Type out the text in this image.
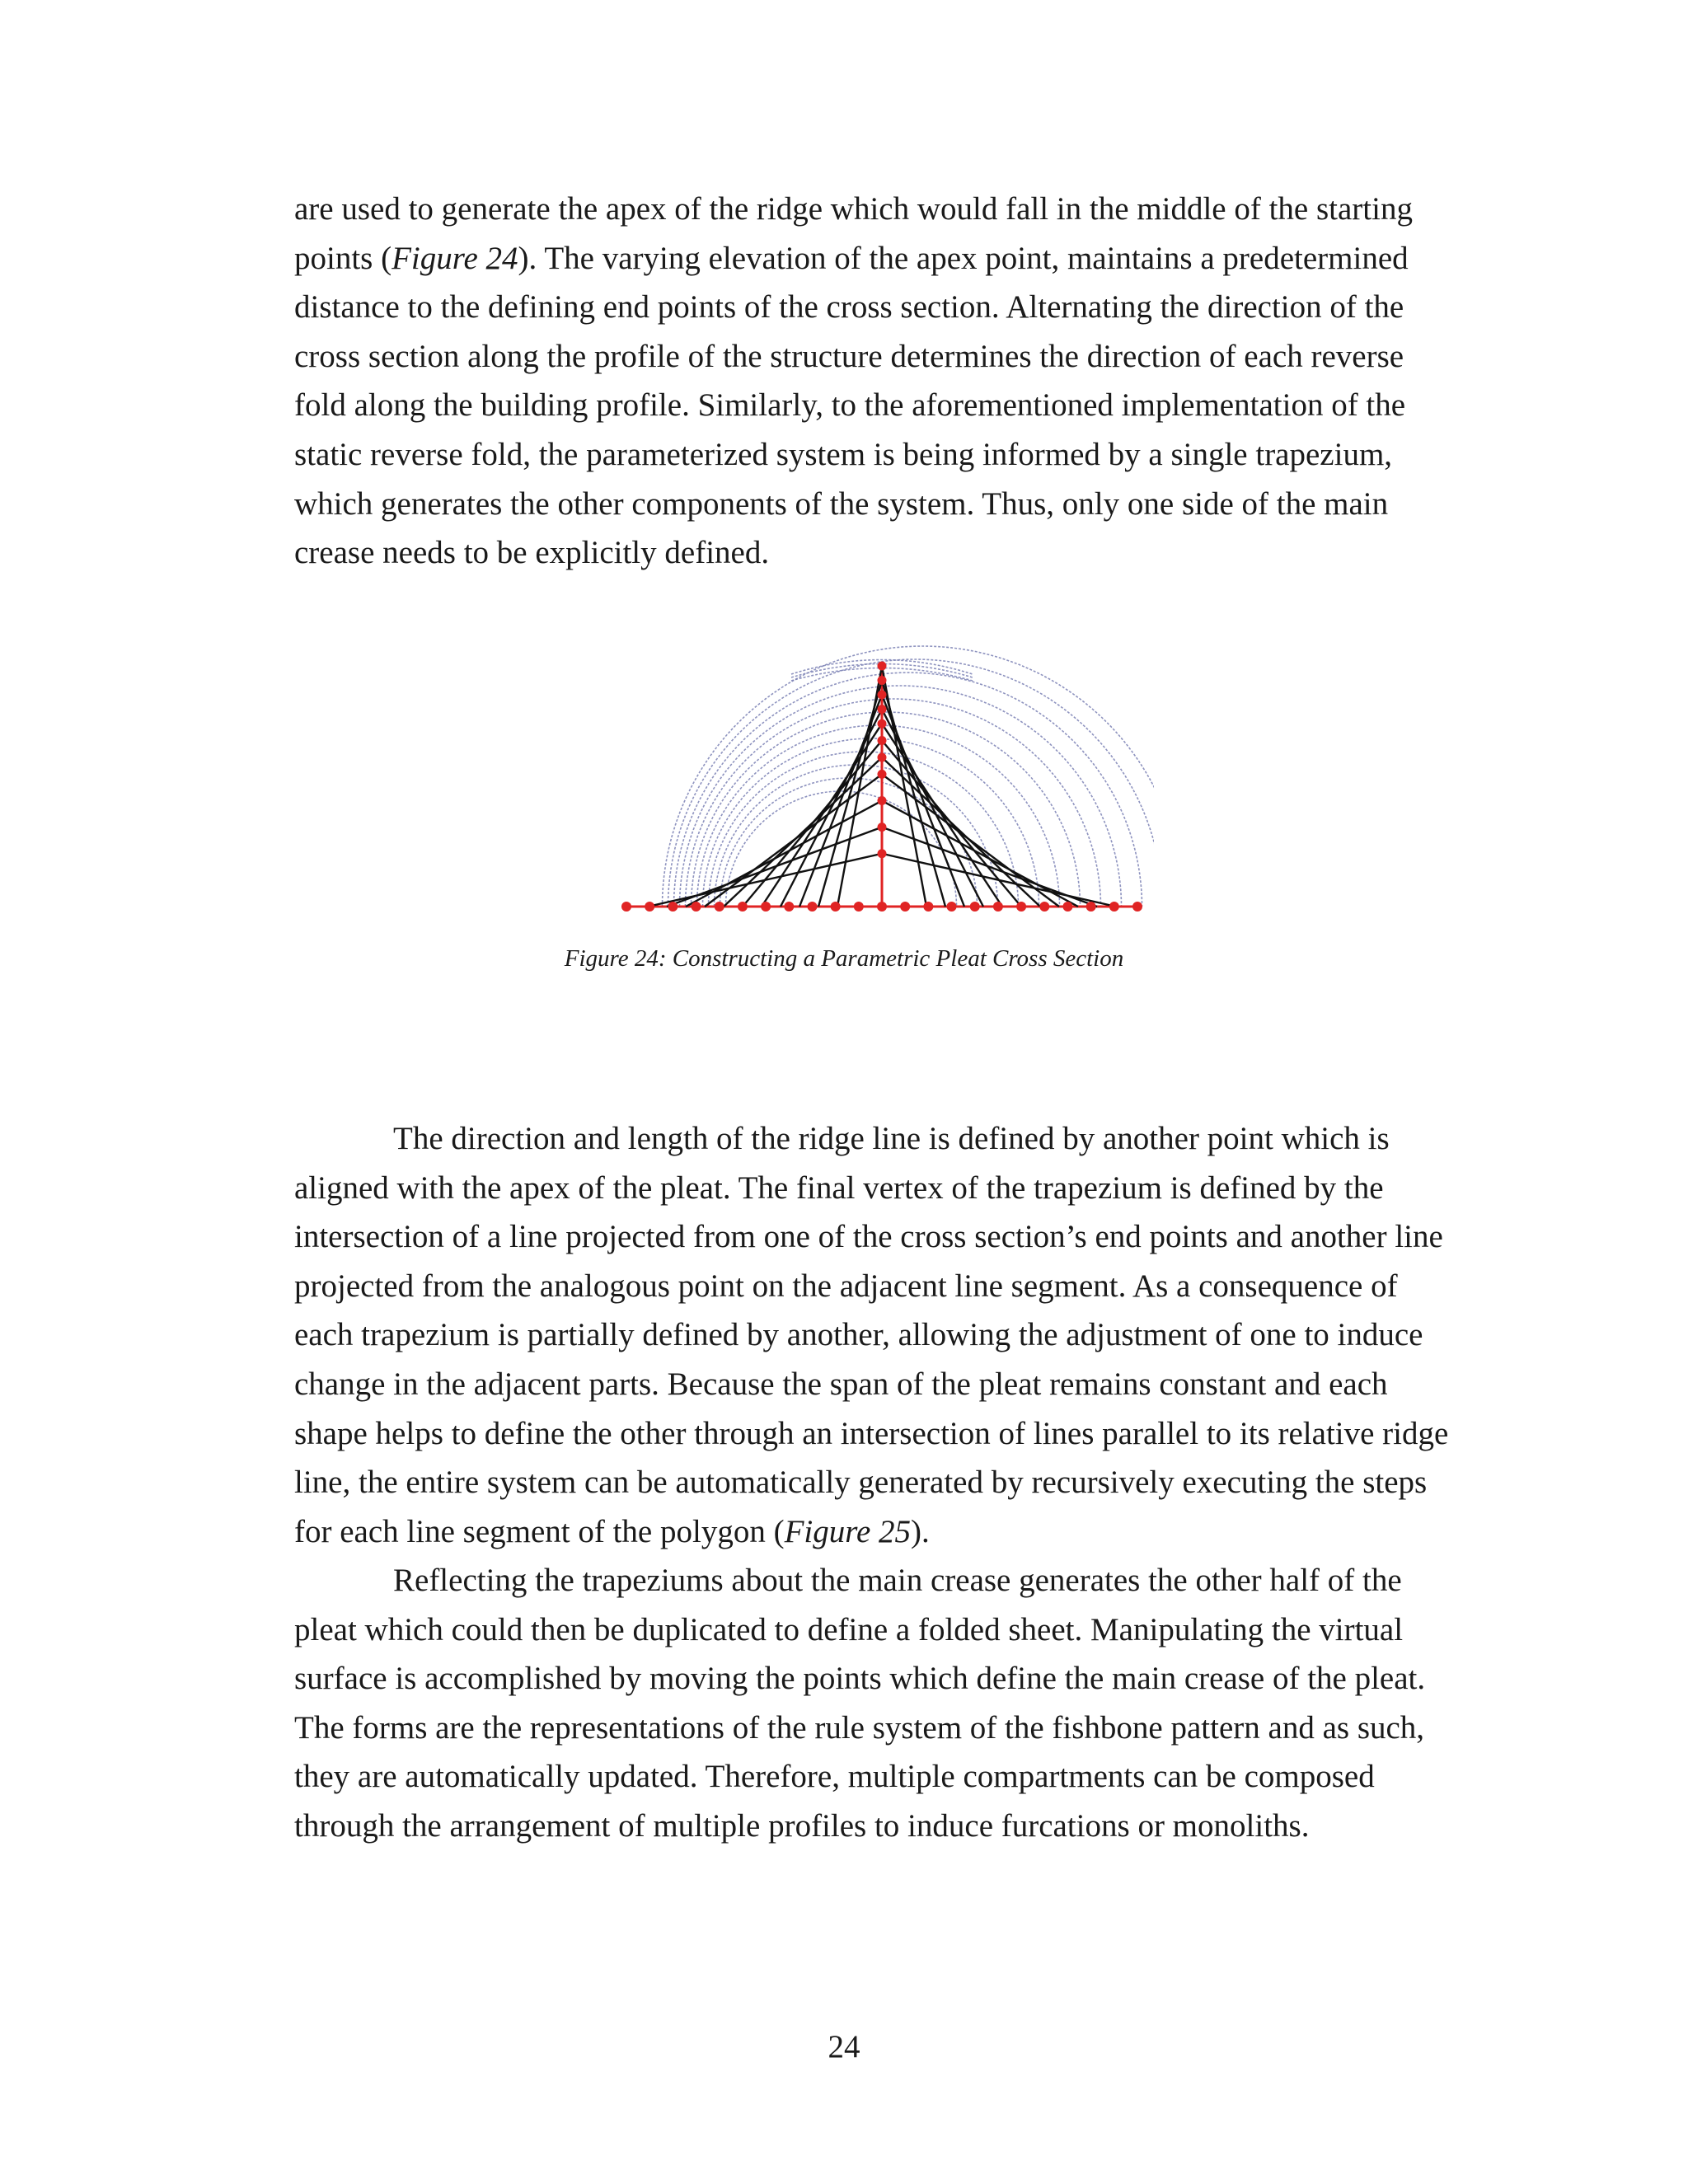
are used to generate the apex of the ridge which would fall in the middle of the starting
points (Figure 24). The varying elevation of the apex point, maintains a predetermined
distance to the defining end points of the cross section. Alternating the direction of the
cross section along the profile of the structure determines the direction of each reverse
fold along the building profile. Similarly, to the aforementioned implementation of the
static reverse fold, the parameterized system is being informed by a single trapezium,
which generates the other components of the system. Thus, only one side of the main
crease needs to be explicitly defined.

Figure 24: Constructing a Parametric Pleat Cross Section

The direction and length of the ridge line is defined by another point which is
aligned with the apex of the pleat. The final vertex of the trapezium is defined by the
intersection of a line projected from one of the cross section’s end points and another line
projected from the analogous point on the adjacent line segment. As a consequence of
each trapezium is partially defined by another, allowing the adjustment of one to induce
change in the adjacent parts. Because the span of the pleat remains constant and each
shape helps to define the other through an intersection of lines parallel to its relative ridge
line, the entire system can be automatically generated by recursively executing the steps
for each line segment of the polygon (Figure 25).

Reflecting the trapeziums about the main crease generates the other half of the
pleat which could then be duplicated to define a folded sheet. Manipulating the virtual
surface is accomplished by moving the points which define the main crease of the pleat.
The forms are the representations of the rule system of the fishbone pattern and as such,
they are automatically updated. Therefore, multiple compartments can be composed
through the arrangement of multiple profiles to induce furcations or monoliths.

24
